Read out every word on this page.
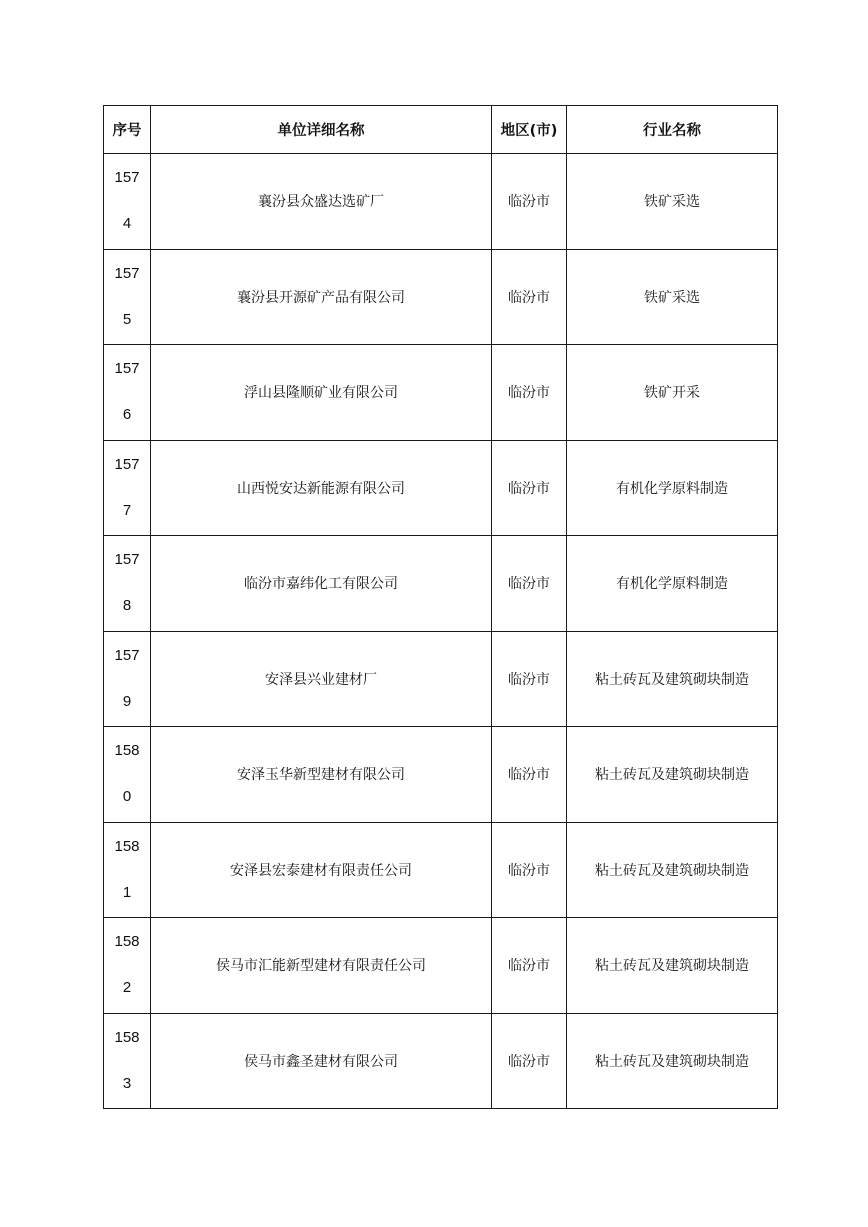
序号	单位详细名称	地区(市)	行业名称
1574	襄汾县众盛达选矿厂	临汾市	铁矿采选
1575	襄汾县开源矿产品有限公司	临汾市	铁矿采选
1576	浮山县隆顺矿业有限公司	临汾市	铁矿开采
1577	山西悦安达新能源有限公司	临汾市	有机化学原料制造
1578	临汾市嘉纬化工有限公司	临汾市	有机化学原料制造
1579	安泽县兴业建材厂	临汾市	粘土砖瓦及建筑砌块制造
1580	安泽玉华新型建材有限公司	临汾市	粘土砖瓦及建筑砌块制造
1581	安泽县宏泰建材有限责任公司	临汾市	粘土砖瓦及建筑砌块制造
1582	侯马市汇能新型建材有限责任公司	临汾市	粘土砖瓦及建筑砌块制造
1583	侯马市鑫圣建材有限公司	临汾市	粘土砖瓦及建筑砌块制造
